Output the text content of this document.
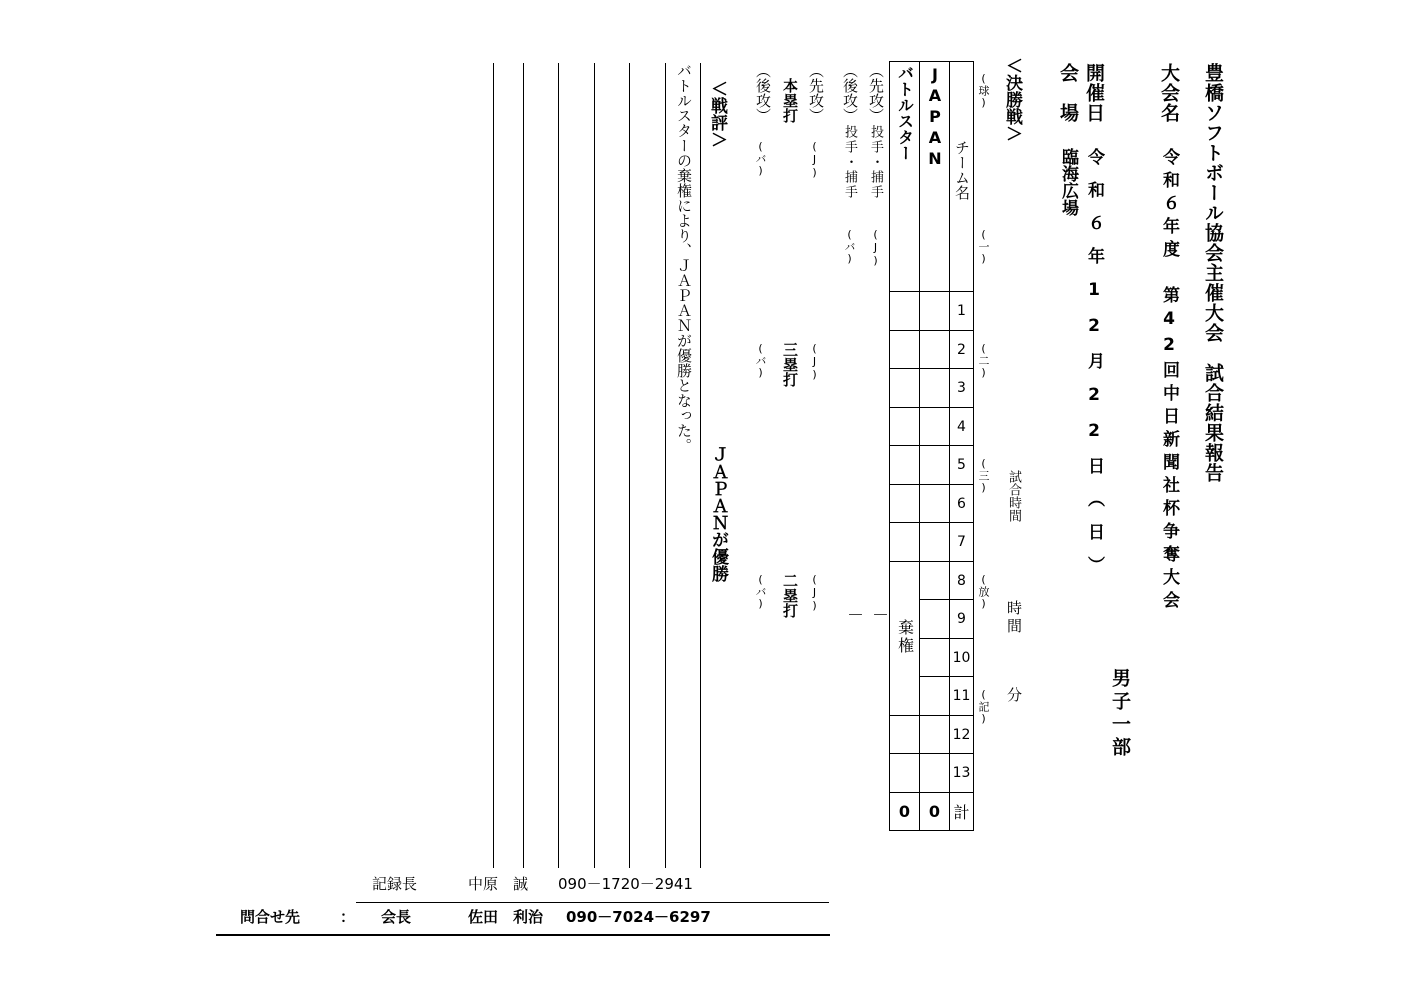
豊橋ソフトボール協会主催大会　試合結果報告
大会名
令和６年度　第42回中日新聞社杯争奪大会
男子一部
開催日
令和６年12月22日（日）
会　場
臨海広場
＜決勝戦＞
(球)
(一)
(二)
(三)
(放)
(記)
試合時間
時間
分
バトルスター	JAPAN	チーム名
		1
		2
		3
		4
		5
		6
		7
棄権		8
		9
		10
		11
		12
		13
0	0	計
（先攻）
投手・捕手
(J)
（後攻）
投手・捕手
(バ)
－
－
（先攻）
(J)
（後攻）
(バ)
本塁打
(J)
三塁打
(バ)
(J)
二塁打
(バ)
＜戦評＞
ＪＡＰＡＮが優勝
バトルスターの棄権により、ＪＡＰＡＮが優勝となった。
記録長	中原　誠 090－1720－2941
問合せ先	： 会長	佐田　利治 090－7024－6297
